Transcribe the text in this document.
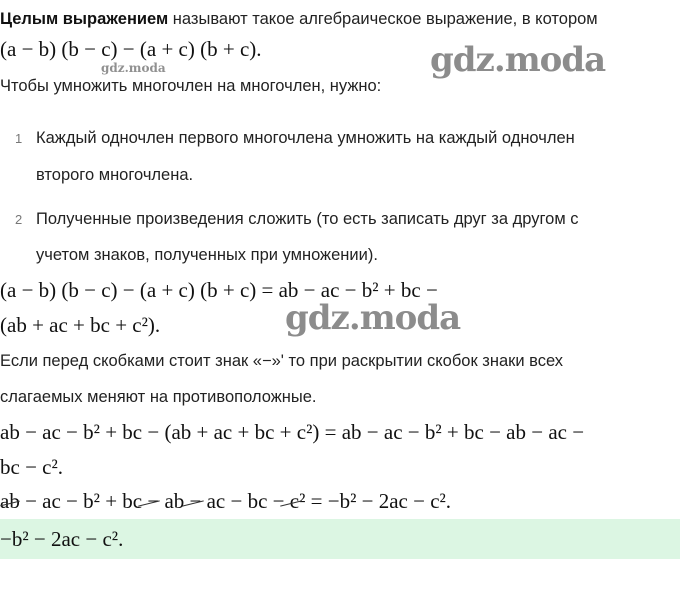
Целым выражением называют такое алгебраическое выражение, в котором
(a − b) (b − c) − (a + c) (b + c).
gdz.moda	gdz.moda
Чтобы умножить многочлен на многочлен, нужно:
1 Каждый одночлен первого многочлена умножить на каждый одночлен
второго многочлена.
2 Полученные произведения сложить (то есть записать друг за другом с
учетом знаков, полученных при умножении).
(a − b) (b − c) − (a + c) (b + c) = ab − ac − b² + bc −
(ab + ac + bc + c²).	gdz.moda
Если перед скобками стоит знак «−»' то при раскрытии скобок знаки всех
слагаемых меняют на противоположные.
ab − ac − b² + bc − (ab + ac + bc + c²) = ab − ac − b² + bc − ab − ac −
bc − c².
ab − ac − b² + bc − ab − ac − bc − c² = −b² − 2ac − c².
−b² − 2ac − c².
